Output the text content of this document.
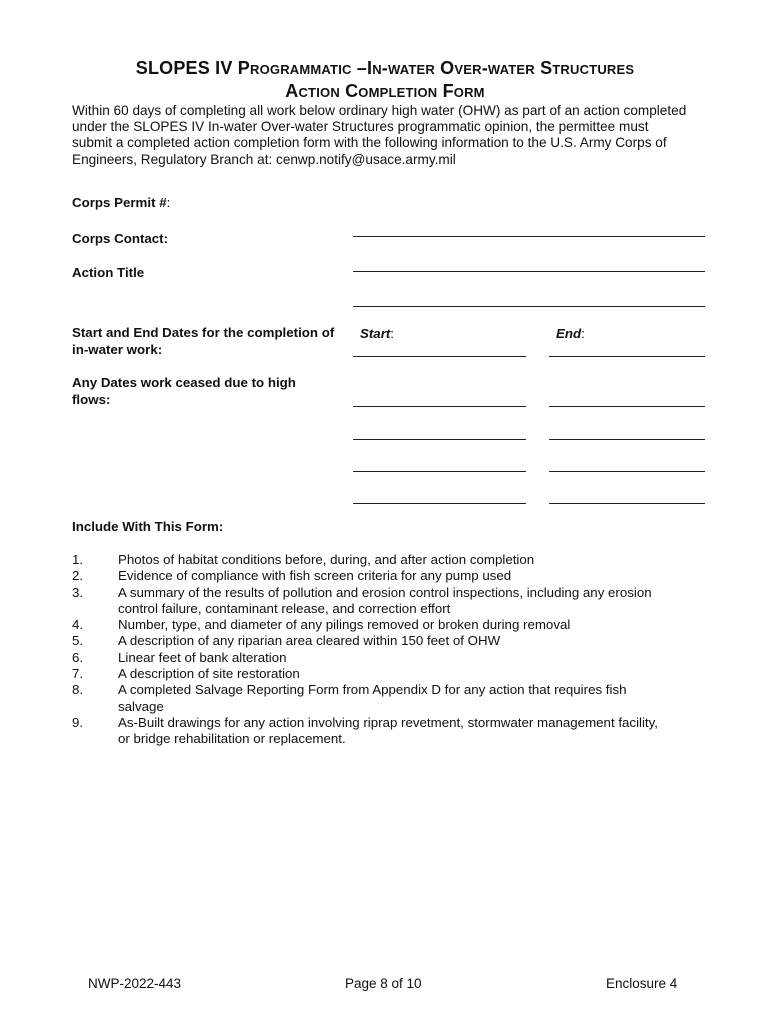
SLOPES IV Programmatic –In-water Over-water Structures
Action Completion Form
Within 60 days of completing all work below ordinary high water (OHW) as part of an action completed
under the SLOPES IV In-water Over-water Structures programmatic opinion, the permittee must
submit a completed action completion form with the following information to the U.S. Army Corps of
Engineers, Regulatory Branch at: cenwp.notify@usace.army.mil
Corps Permit #:
Corps Contact:
Action Title
Start and End Dates for the completion of
in-water work:
Start:	End:
Any Dates work ceased due to high
flows:
Include With This Form:
1.	Photos of habitat conditions before, during, and after action completion
2.	Evidence of compliance with fish screen criteria for any pump used
3.	A summary of the results of pollution and erosion control inspections, including any erosion
control failure, contaminant release, and correction effort
4.	Number, type, and diameter of any pilings removed or broken during removal
5.	A description of any riparian area cleared within 150 feet of OHW
6.	Linear feet of bank alteration
7.	A description of site restoration
8.	A completed Salvage Reporting Form from Appendix D for any action that requires fish
salvage
9.	As-Built drawings for any action involving riprap revetment, stormwater management facility,
or bridge rehabilitation or replacement.
NWP-2022-443	Page 8 of 10	Enclosure 4
